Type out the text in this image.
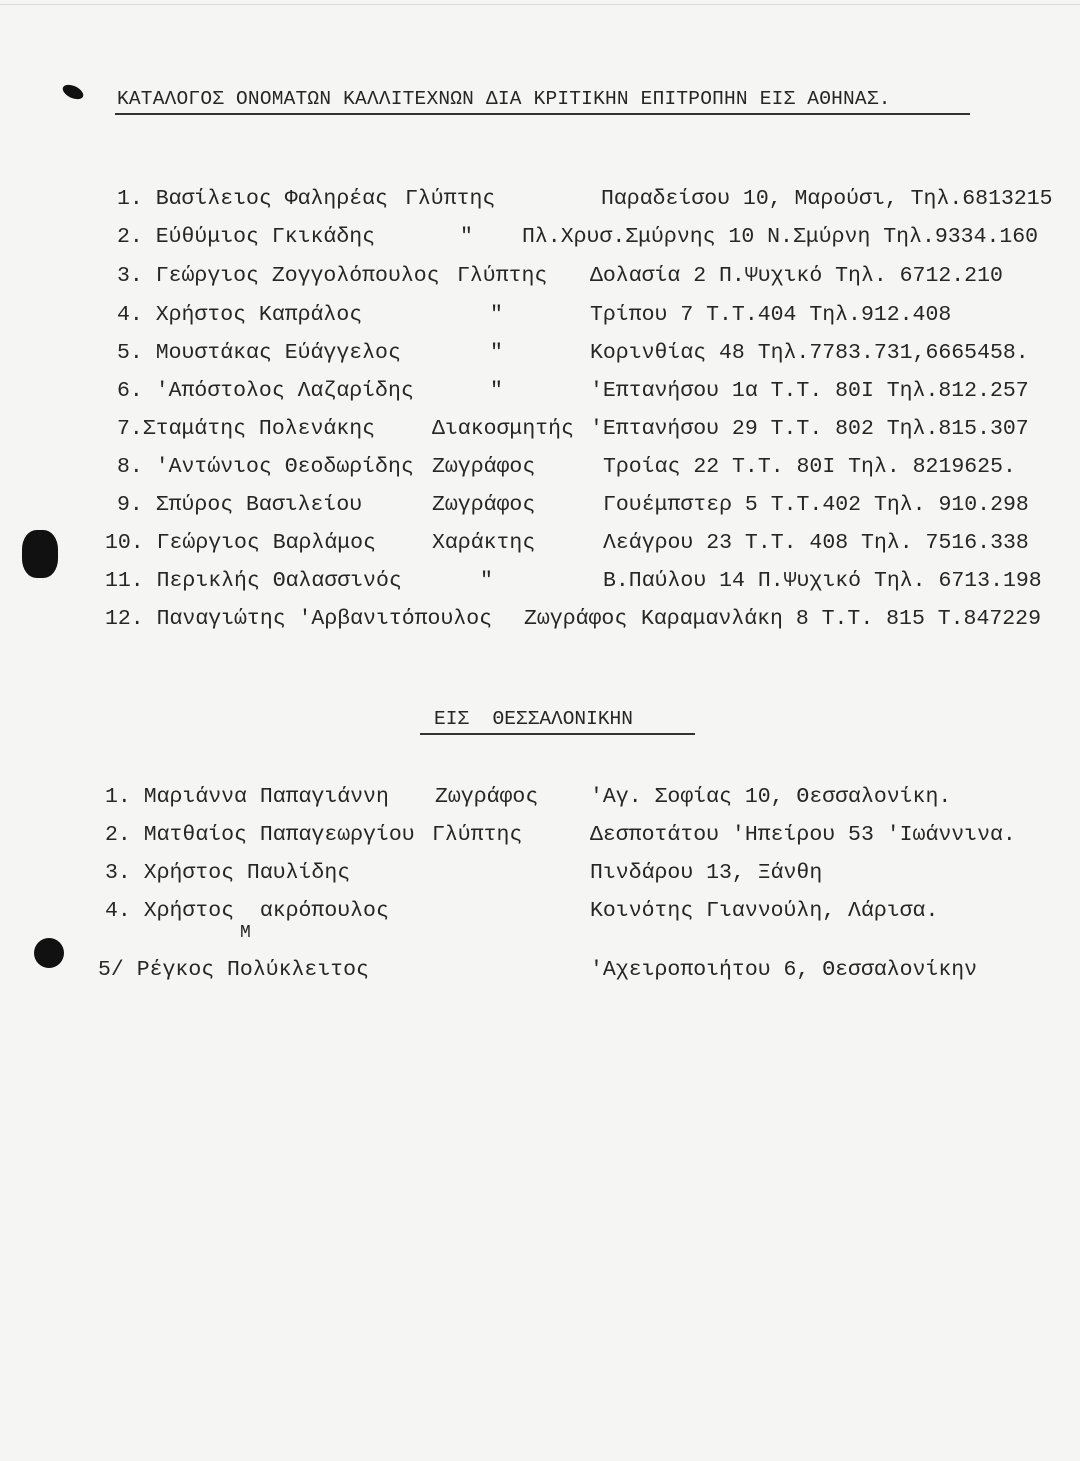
ΚΑΤΑΛΟΓΟΣ ΟΝΟΜΑΤΩΝ ΚΑΛΛΙΤΕΧΝΩΝ ΔΙΑ ΚΡΙΤΙΚΗΝ ΕΠΙΤΡΟΠΗΝ ΕΙΣ ΑΘΗΝΑΣ.
1. Βασίλειος Φαληρέας Γλύπτης	Παραδείσου 10, Μαρούσι, Τηλ.6813215
2. Εύθύμιος Γκικάδης	" Πλ.Χρυσ.Σμύρνης 10 Ν.Σμύρνη Τηλ.9334.160
3. Γεώργιος Ζογγολόπουλος Γλύπτης Δολασία 2 Π.Ψυχικό Τηλ. 6712.210
4. Χρήστος Καπράλος	"	Τρίπου 7 Τ.Τ.404 Τηλ.912.408
5. Μουστάκας Εύάγγελος	"	Κορινθίας 48 Τηλ.7783.731,6665458.
6. 'Απόστολος Λαζαρίδης	"	'Επτανήσου 1α Τ.Τ. 80Ι Τηλ.812.257
7.Σταμάτης Πολενάκης	Διακοσμητής 'Επτανήσου 29 Τ.Τ. 802 Τηλ.815.307
8. 'Αντώνιος Θεοδωρίδης Ζωγράφος	Τροίας 22 Τ.Τ. 80Ι Τηλ. 8219625.
9. Σπύρος Βασιλείου	Ζωγράφος	Γουέμπστερ 5 Τ.Τ.402 Τηλ. 910.298
10. Γεώργιος Βαρλάμος	Χαράκτης	Λεάγρου 23 Τ.Τ. 408 Τηλ. 7516.338
11. Περικλής Θαλασσινός	"	Β.Παύλου 14 Π.Ψυχικό Τηλ. 6713.198
12. Παναγιώτης 'Αρβανιτόπουλος Ζωγράφος Καραμανλάκη 8 Τ.Τ. 815 Τ.847229
ΕΙΣ  ΘΕΣΣΑΛΟΝΙΚΗΝ
1. Μαριάννα Παπαγιάννη Ζωγράφος 'Αγ. Σοφίας 10, Θεσσαλονίκη.
2. Ματθαίος Παπαγεωργίου Γλύπτης	Δεσποτάτου 'Ηπείρου 53 'Ιωάννινα.
3. Χρήστος Παυλίδης	Πινδάρου 13, Ξάνθη
4. Χρήστος  ακρόπουλος	Κοινότης Γιαννούλη, Λάρισα.
5/ Ρέγκος Πολύκλειτος	'Αχειροποιήτου 6, Θεσσαλονίκην
Μ
